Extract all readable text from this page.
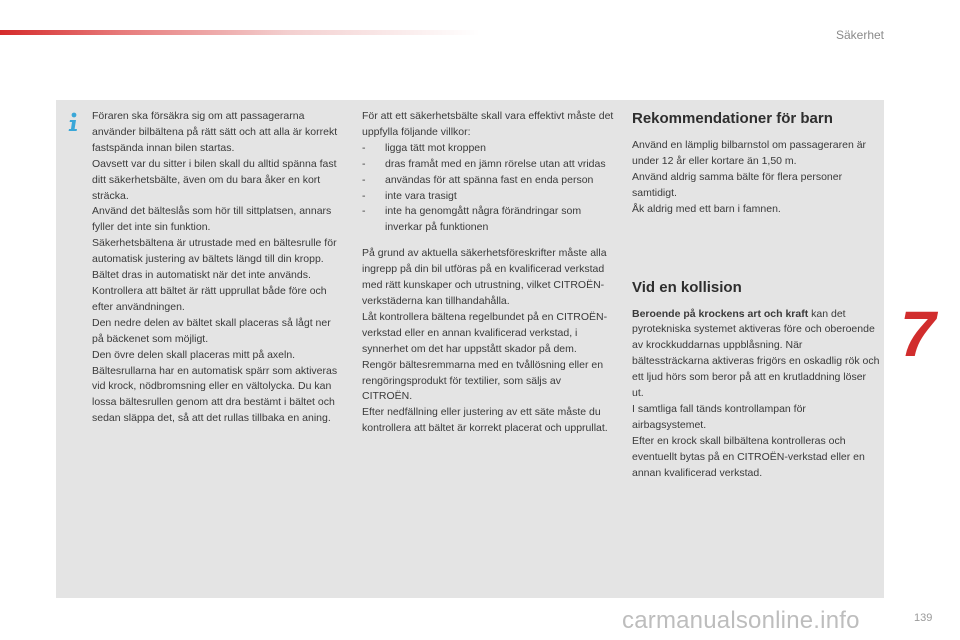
Säkerhet
7
Föraren ska försäkra sig om att passagerarna använder bilbältena på rätt sätt och att alla är korrekt fastspända innan bilen startas.
Oavsett var du sitter i bilen skall du alltid spänna fast ditt säkerhetsbälte, även om du bara åker en kort sträcka.
Använd det bälteslås som hör till sittplatsen, annars fyller det inte sin funktion.
Säkerhetsbältena är utrustade med en bältesrulle för automatisk justering av bältets längd till din kropp. Bältet dras in automatiskt när det inte används.
Kontrollera att bältet är rätt upprullat både före och efter användningen.
Den nedre delen av bältet skall placeras så lågt ner på bäckenet som möjligt.
Den övre delen skall placeras mitt på axeln.
Bältesrullarna har en automatisk spärr som aktiveras vid krock, nödbromsning eller en vältolycka. Du kan lossa bältesrullen genom att dra bestämt i bältet och sedan släppa det, så att det rullas tillbaka en aning.
För att ett säkerhetsbälte skall vara effektivt måste det uppfylla följande villkor:
- ligga tätt mot kroppen
- dras framåt med en jämn rörelse utan att vridas
- användas för att spänna fast en enda person
- inte vara trasigt
- inte ha genomgått några förändringar som inverkar på funktionen
På grund av aktuella säkerhetsföreskrifter måste alla ingrepp på din bil utföras på en kvalificerad verkstad med rätt kunskaper och utrustning, vilket CITROËN-verkstäderna kan tillhandahålla.
Låt kontrollera bältena regelbundet på en CITROËN-verkstad eller en annan kvalificerad verkstad, i synnerhet om det har uppstått skador på dem.
Rengör bältesremmarna med en tvållösning eller en rengöringsprodukt för textilier, som säljs av CITROËN.
Efter nedfällning eller justering av ett säte måste du kontrollera att bältet är korrekt placerat och upprullat.
Rekommendationer för barn
Använd en lämplig bilbarnstol om passageraren är under 12 år eller kortare än 1,50 m.
Använd aldrig samma bälte för flera personer samtidigt.
Åk aldrig med ett barn i famnen.
Vid en kollision
Beroende på krockens art och kraft kan det pyrotekniska systemet aktiveras före och oberoende av krockkuddarnas uppblåsning. När bältessträckarna aktiveras frigörs en oskadlig rök och ett ljud hörs som beror på att en krutladdning löser ut.
I samtliga fall tänds kontrollampan för airbagsystemet.
Efter en krock skall bilbältena kontrolleras och eventuellt bytas på en CITROËN-verkstad eller en annan kvalificerad verkstad.
carmanualsonline.info	139
